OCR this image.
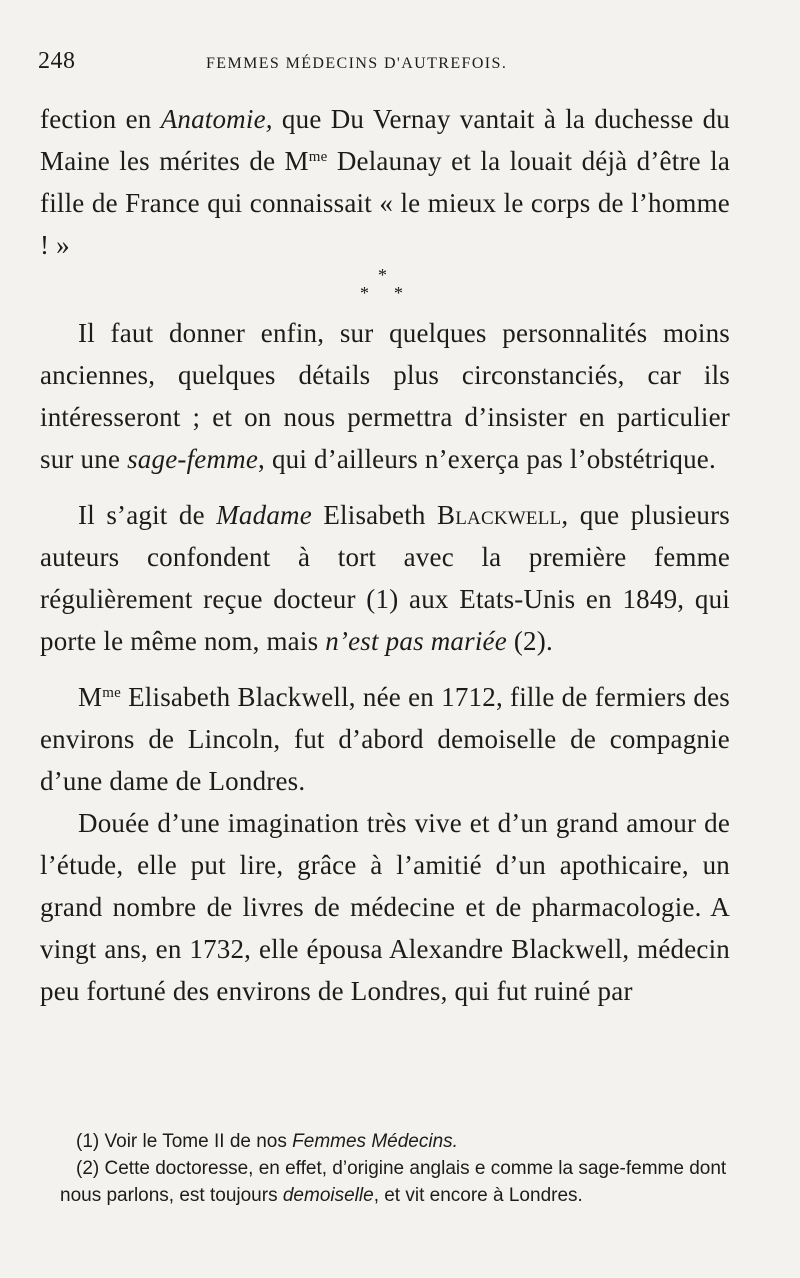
248	FEMMES MÉDECINS D'AUTREFOIS.

fection en Anatomie, que Du Vernay vantait à la duchesse du Maine les mérites de $M^{me}$ Delaunay et la louait déjà d’être la fille de France qui connaissait « le mieux le corps de l’homme ! »

*
* *

Il faut donner enfin, sur quelques personnalités moins anciennes, quelques détails plus circonstanciés, car ils intéresseront ; et on nous permettra d’insister en particulier sur une sage-femme, qui d’ailleurs n’exerça pas l’obstétrique.

Il s’agit de Madame Elisabeth Blackwell, que plusieurs auteurs confondent à tort avec la première femme régulièrement reçue docteur (1) aux Etats-Unis en 1849, qui porte le même nom, mais n’est pas mariée (2).

$M^{me}$ Elisabeth Blackwell, née en 1712, fille de fermiers des environs de Lincoln, fut d’abord demoiselle de compagnie d’une dame de Londres.

Douée d’une imagination très vive et d’un grand amour de l’étude, elle put lire, grâce à l’amitié d’un apothicaire, un grand nombre de livres de médecine et de pharmacologie. A vingt ans, en 1732, elle épousa Alexandre Blackwell, médecin peu fortuné des environs de Londres, qui fut ruiné par

(1) Voir le Tome II de nos Femmes Médecins.

(2) Cette doctoresse, en effet, d’origine anglais e comme la sage-femme dont nous parlons, est toujours demoiselle, et vit encore à Londres.
